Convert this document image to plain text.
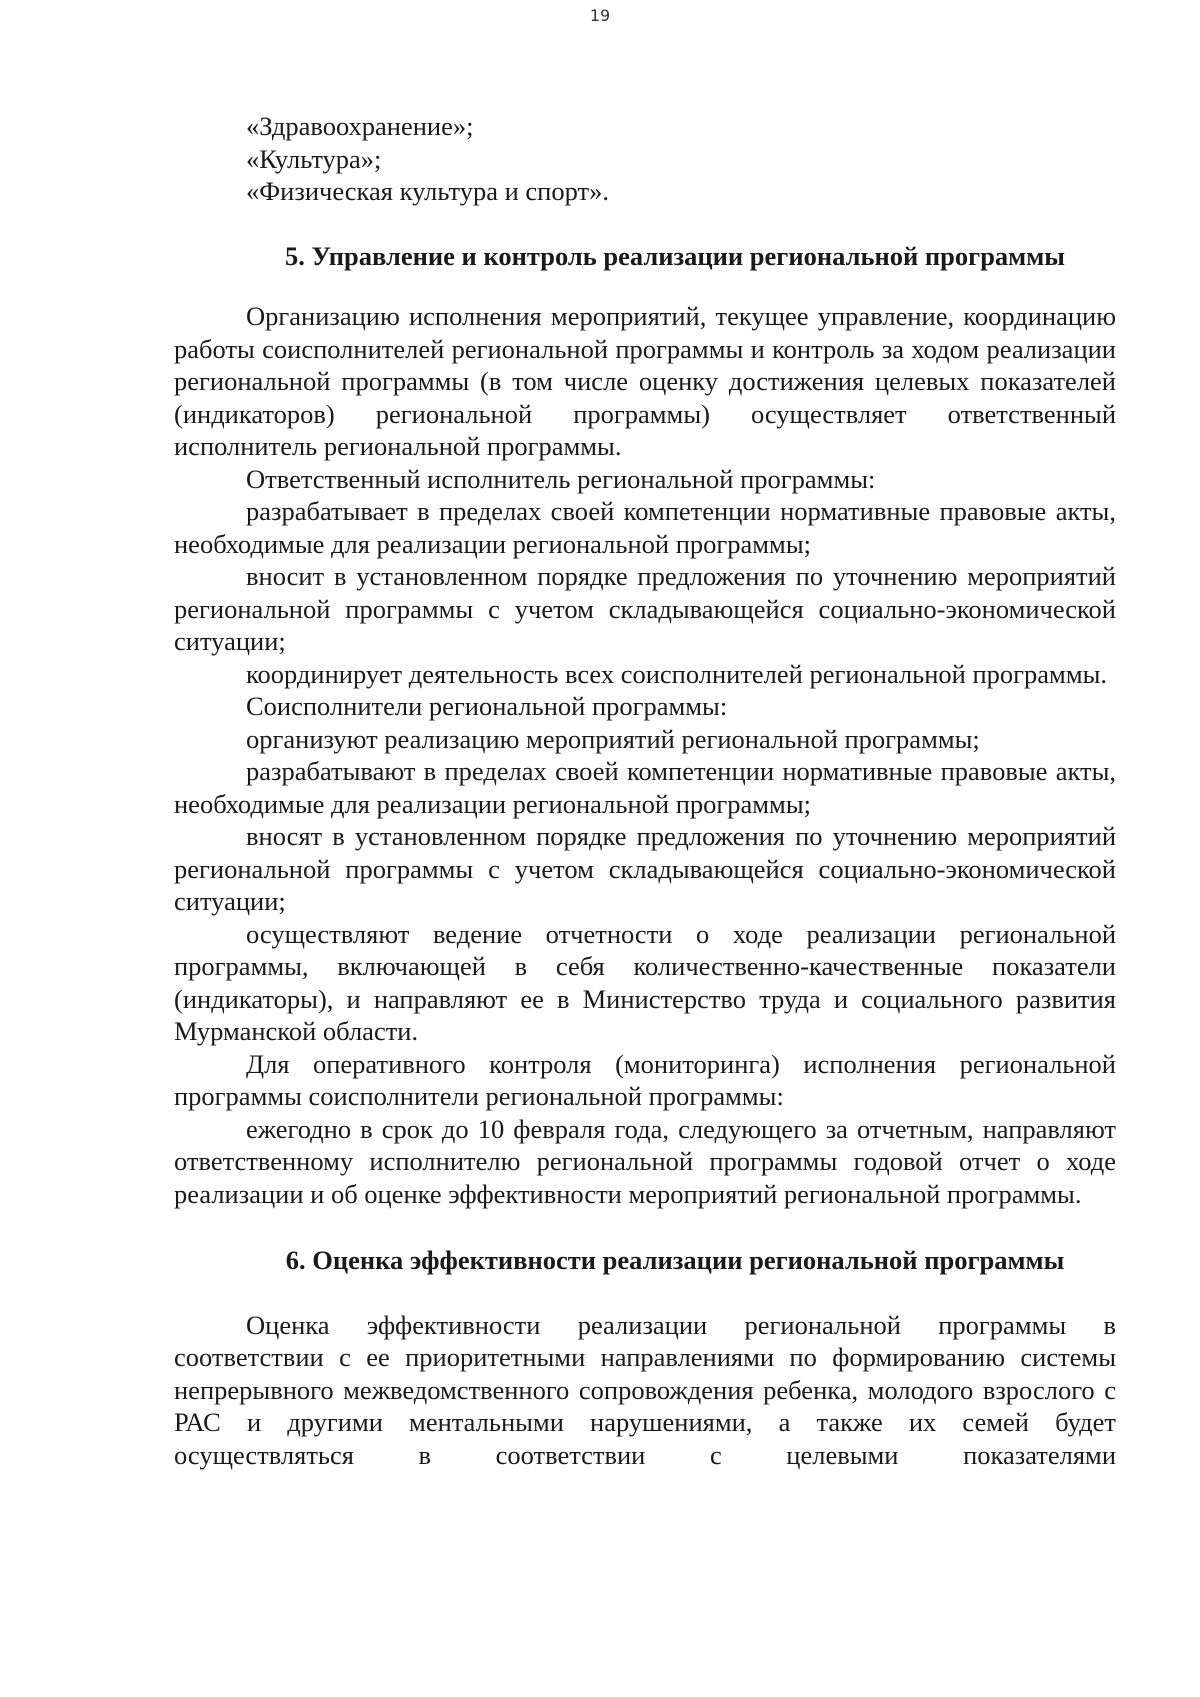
19

«Здравоохранение»;

«Культура»;

«Физическая культура и спорт».

5. Управление и контроль реализации региональной программы

Организацию исполнения мероприятий, текущее управление, координацию работы соисполнителей региональной программы и контроль за ходом реализации региональной программы (в том числе оценку достижения целевых показателей (индикаторов) региональной программы) осуществляет ответственный исполнитель региональной программы.

Ответственный исполнитель региональной программы:

разрабатывает в пределах своей компетенции нормативные правовые акты, необходимые для реализации региональной программы;

вносит в установленном порядке предложения по уточнению мероприятий региональной программы с учетом складывающейся социально-экономической ситуации;

координирует деятельность всех соисполнителей региональной программы.

Соисполнители региональной программы:

организуют реализацию мероприятий региональной программы;

разрабатывают в пределах своей компетенции нормативные правовые акты, необходимые для реализации региональной программы;

вносят в установленном порядке предложения по уточнению мероприятий региональной программы с учетом складывающейся социально-экономической ситуации;

осуществляют ведение отчетности о ходе реализации региональной программы, включающей в себя количественно-качественные показатели (индикаторы), и направляют ее в Министерство труда и социального развития Мурманской области.

Для оперативного контроля (мониторинга) исполнения региональной программы соисполнители региональной программы:

ежегодно в срок до 10 февраля года, следующего за отчетным, направляют ответственному исполнителю региональной программы годовой отчет о ходе реализации и об оценке эффективности мероприятий региональной программы.

6. Оценка эффективности реализации региональной программы

Оценка эффективности реализации региональной программы в соответствии с ее приоритетными направлениями по формированию системы непрерывного межведомственного сопровождения ребенка, молодого взрослого с РАС и другими ментальными нарушениями, а также их семей будет осуществляться в соответствии с целевыми показателями
